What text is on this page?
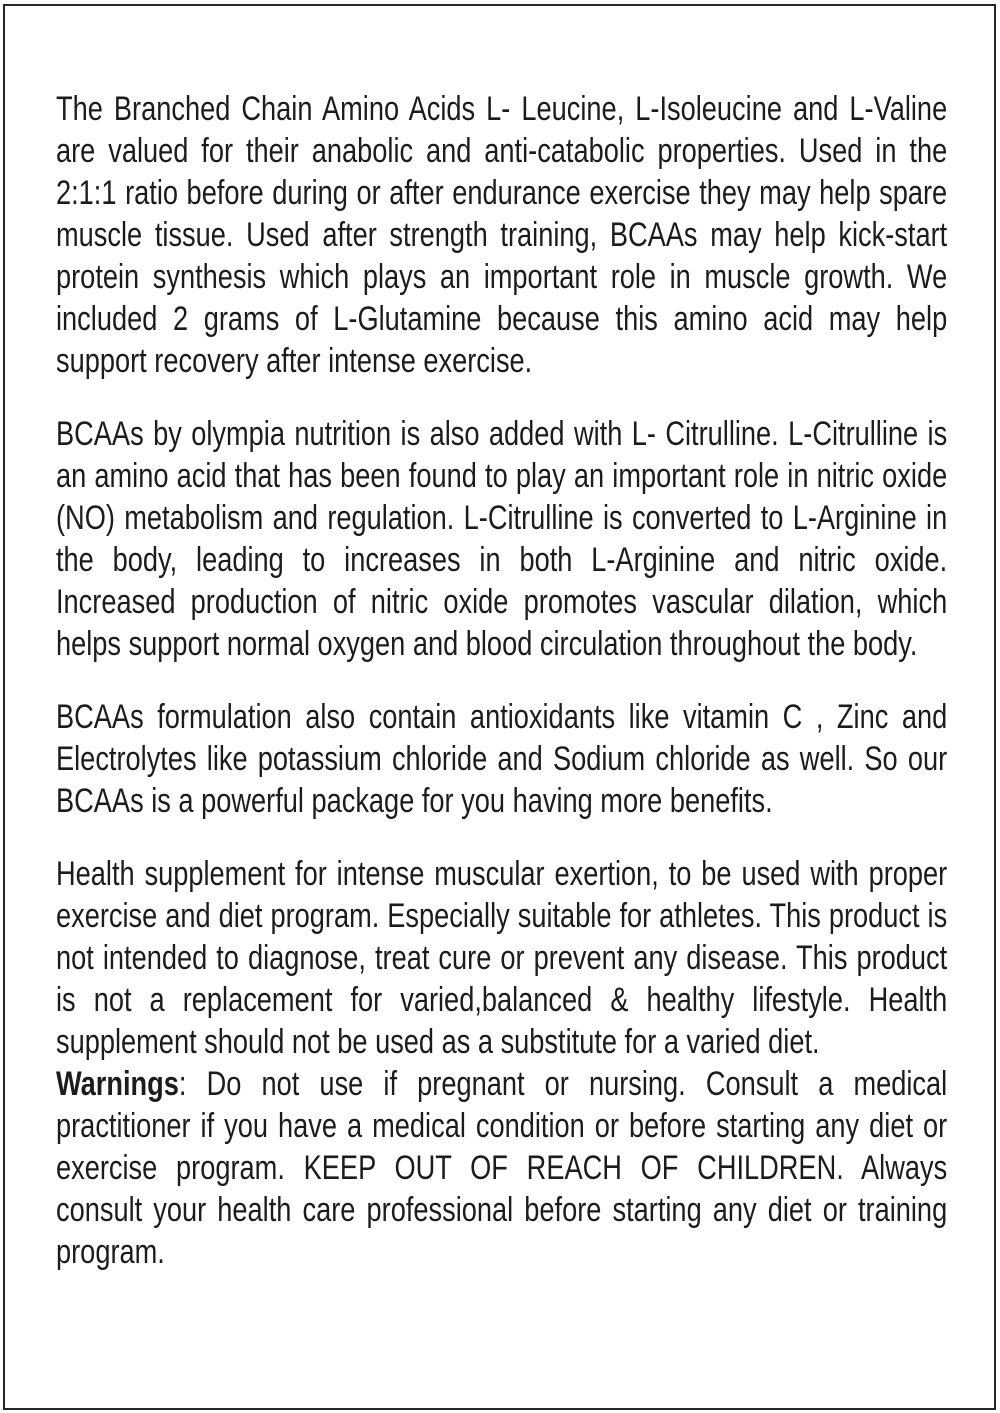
The Branched Chain Amino Acids L- Leucine, L-Isoleucine and L-Valine are valued for their anabolic and anti-catabolic properties. Used in the 2:1:1 ratio before during or after endurance exercise they may help spare muscle tissue. Used after strength training, BCAAs may help kick-start protein synthesis which plays an important role in muscle growth. We included 2 grams of L-Glutamine because this amino acid may help support recovery after intense exercise.

BCAAs by olympia nutrition is also added with L- Citrulline. L-Citrulline is an amino acid that has been found to play an important role in nitric oxide (NO) metabolism and regulation. L-Citrulline is converted to L-Arginine in the body, leading to increases in both L-Arginine and nitric oxide. Increased production of nitric oxide promotes vascular dilation, which helps support normal oxygen and blood circulation throughout the body.

BCAAs formulation also contain antioxidants like vitamin C , Zinc and Electrolytes like potassium chloride and Sodium chloride as well. So our BCAAs is a powerful package for you having more benefits.

Health supplement for intense muscular exertion, to be used with proper exercise and diet program. Especially suitable for athletes. This product is not intended to diagnose, treat cure or prevent any disease. This product is not a replacement for varied,balanced & healthy lifestyle. Health supplement should not be used as a substitute for a varied diet.

Warnings: Do not use if pregnant or nursing. Consult a medical practitioner if you have a medical condition or before starting any diet or exercise program. KEEP OUT OF REACH OF CHILDREN. Always consult your health care professional before starting any diet or training program.
